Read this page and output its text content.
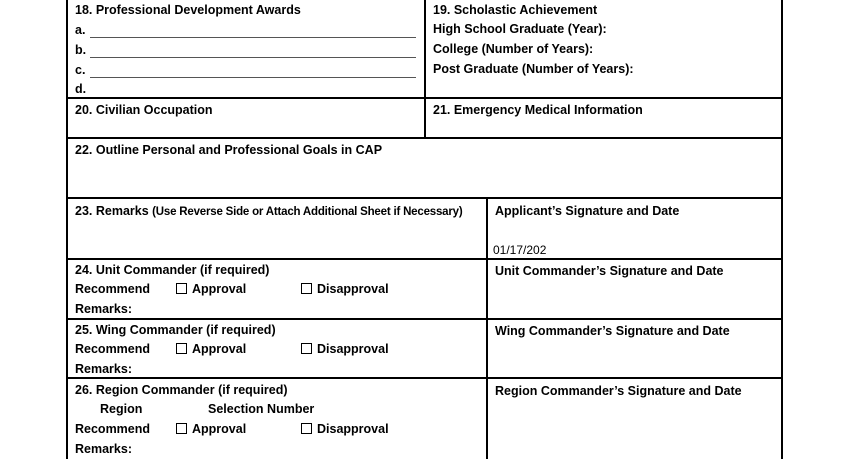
18. Professional Development Awards
a.
b.
c.
d.
19. Scholastic Achievement
High School Graduate (Year):
College (Number of Years):
Post Graduate (Number of Years):
20. Civilian Occupation	21. Emergency Medical Information
22. Outline Personal and Professional Goals in CAP
23. Remarks (Use Reverse Side or Attach Additional Sheet if Necessary)	Applicant’s Signature and Date
01/17/202
24. Unit Commander (if required)
Recommend	Approval	Disapproval
Remarks:
Unit Commander’s Signature and Date
25. Wing Commander (if required)
Recommend	Approval	Disapproval
Remarks:
Wing Commander’s Signature and Date
26. Region Commander (if required)
Region	Selection Number
Recommend	Approval	Disapproval
Remarks:
Region Commander’s Signature and Date
